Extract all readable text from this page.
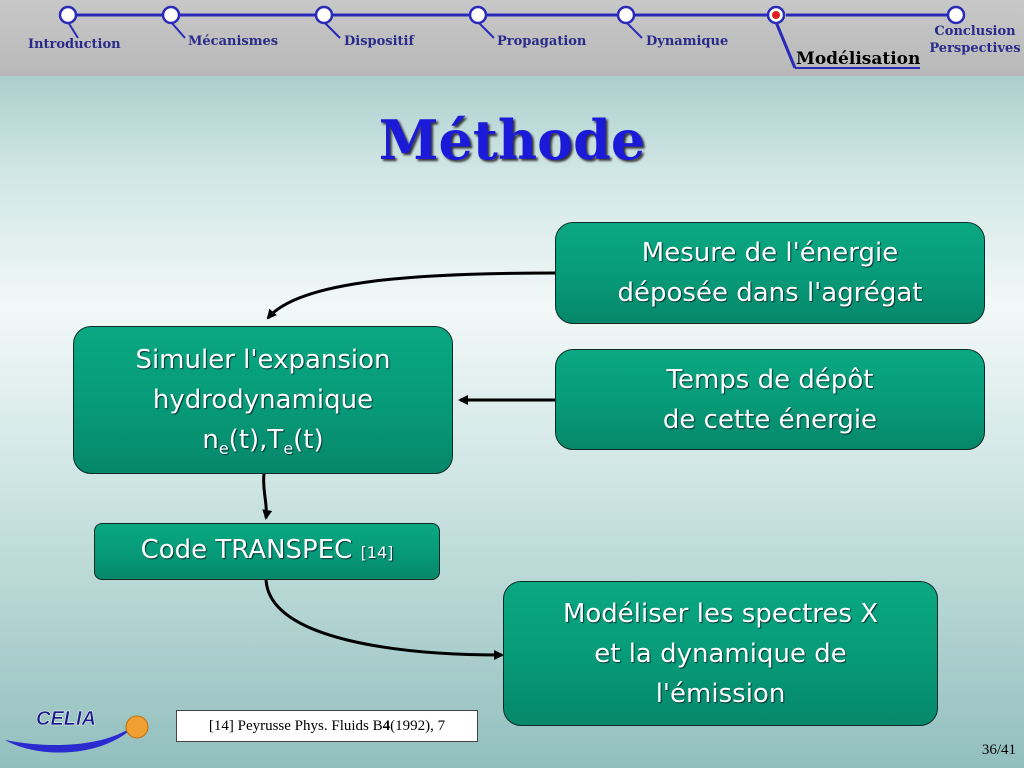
Introduction	Mécanismes	Dispositif	Propagation	Dynamique
Modélisation
Conclusion
Perspectives
Méthode
Mesure de l'énergie
déposée dans l'agrégat
Temps de dépôt
de cette énergie
Simuler l'expansion
hydrodynamique
$n_e(t),T_e(t)$
Code TRANSPEC [14]
Modéliser les spectres X
et la dynamique de
l'émission
CELIA	[14] Peyrusse Phys. Fluids B 4 (1992), 7
36/41
